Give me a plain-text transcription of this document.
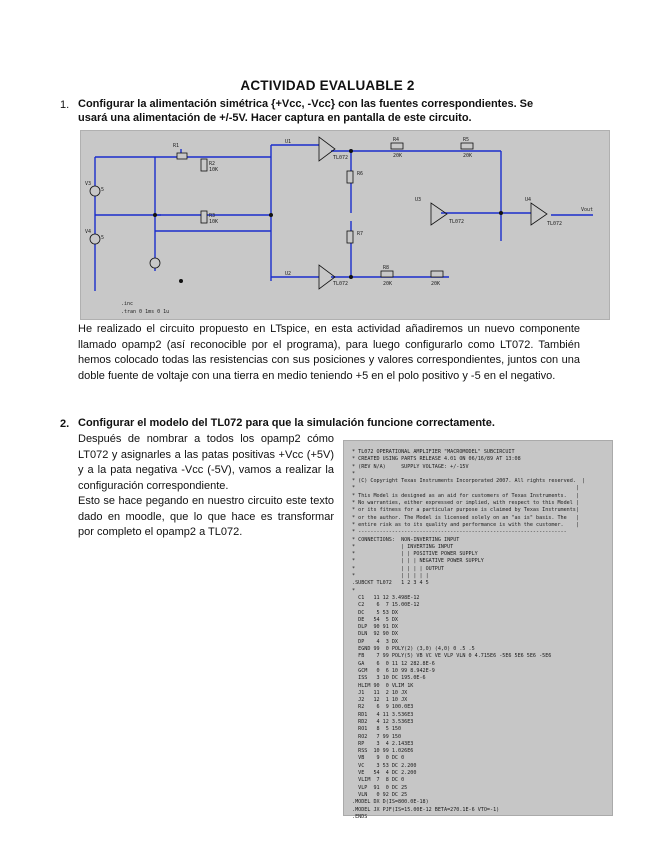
ACTIVIDAD EVALUABLE 2
1. Configurar la alimentación simétrica {+Vcc, -Vcc} con las fuentes correspondientes. Se
usará una alimentación de +/-5V. Hacer captura en pantalla de este circuito.
V3
V4
5
5
R1
R2
10K
R3
10K
U1
TL072
U2
TL072
R4
20K
R5
20K
R6
R7
R8
20K	20K
U3
TL072
U4
TL072
Vout
.inc
.tran 0 1ms 0 1u
He realizado el circuito propuesto en LTspice, en esta actividad añadiremos un nuevo componente llamado opamp2 (así reconocible por el programa), para luego configurarlo como LT072. También hemos colocado todas las resistencias con sus posiciones y valores correspondientes, juntos con una doble fuente de voltaje con una tierra en medio teniendo +5 en el polo positivo y -5 en el negativo.
2. Configurar el modelo del TL072 para que la simulación funcione correctamente.
Después de nombrar a todos los opamp2 cómo LT072 y asignarles a las patas positivas +Vcc (+5V) y a la pata negativa -Vcc (-5V), vamos a realizar la configuración correspondiente.
Esto se hace pegando en nuestro circuito este texto dado en moodle, que lo que hace es transformar por completo el opamp2 a TL072.
* TL072 OPERATIONAL AMPLIFIER "MACROMODEL" SUBCIRCUIT
* CREATED USING PARTS RELEASE 4.01 ON 06/16/89 AT 13:08
* (REV N/A)     SUPPLY VOLTAGE: +/-15V
*
* (C) Copyright Texas Instruments Incorporated 2007. All rights reserved.  |
*                                                                        |
* This Model is designed as an aid for customers of Texas Instruments.   |
* No warranties, either expressed or implied, with respect to this Model |
* or its fitness for a particular purpose is claimed by Texas Instruments|
* or the author. The Model is licensed solely on an "as is" basis. The   |
* entire risk as to its quality and performance is with the customer.    |
* --------------------------------------------------------------------
* CONNECTIONS:  NON-INVERTING INPUT
*               | INVERTING INPUT
*               | | POSITIVE POWER SUPPLY
*               | | | NEGATIVE POWER SUPPLY
*               | | | | OUTPUT
*               | | | | |
.SUBCKT TL072   1 2 3 4 5
*
C1   11 12 3.498E-12
C2    6  7 15.00E-12
DC    5 53 DX
DE   54  5 DX
DLP  90 91 DX
DLN  92 90 DX
DP    4  3 DX
EGND 99  0 POLY(2) (3,0) (4,0) 0 .5 .5
FB    7 99 POLY(5) VB VC VE VLP VLN 0 4.715E6 -5E6 5E6 5E6 -5E6
GA    6  0 11 12 282.8E-6
GCM   0  6 10 99 8.942E-9
ISS   3 10 DC 195.0E-6
HLIM 90  0 VLIM 1K
J1   11  2 10 JX
J2   12  1 10 JX
R2    6  9 100.0E3
RD1   4 11 3.536E3
RD2   4 12 3.536E3
RO1   8  5 150
RO2   7 99 150
RP    3  4 2.143E3
RSS  10 99 1.026E6
VB    9  0 DC 0
VC    3 53 DC 2.200
VE   54  4 DC 2.200
VLIM  7  8 DC 0
VLP  91  0 DC 25
VLN   0 92 DC 25
.MODEL DX D(IS=800.0E-18)
.MODEL JX PJF(IS=15.00E-12 BETA=270.1E-6 VTO=-1)
.ENDS
